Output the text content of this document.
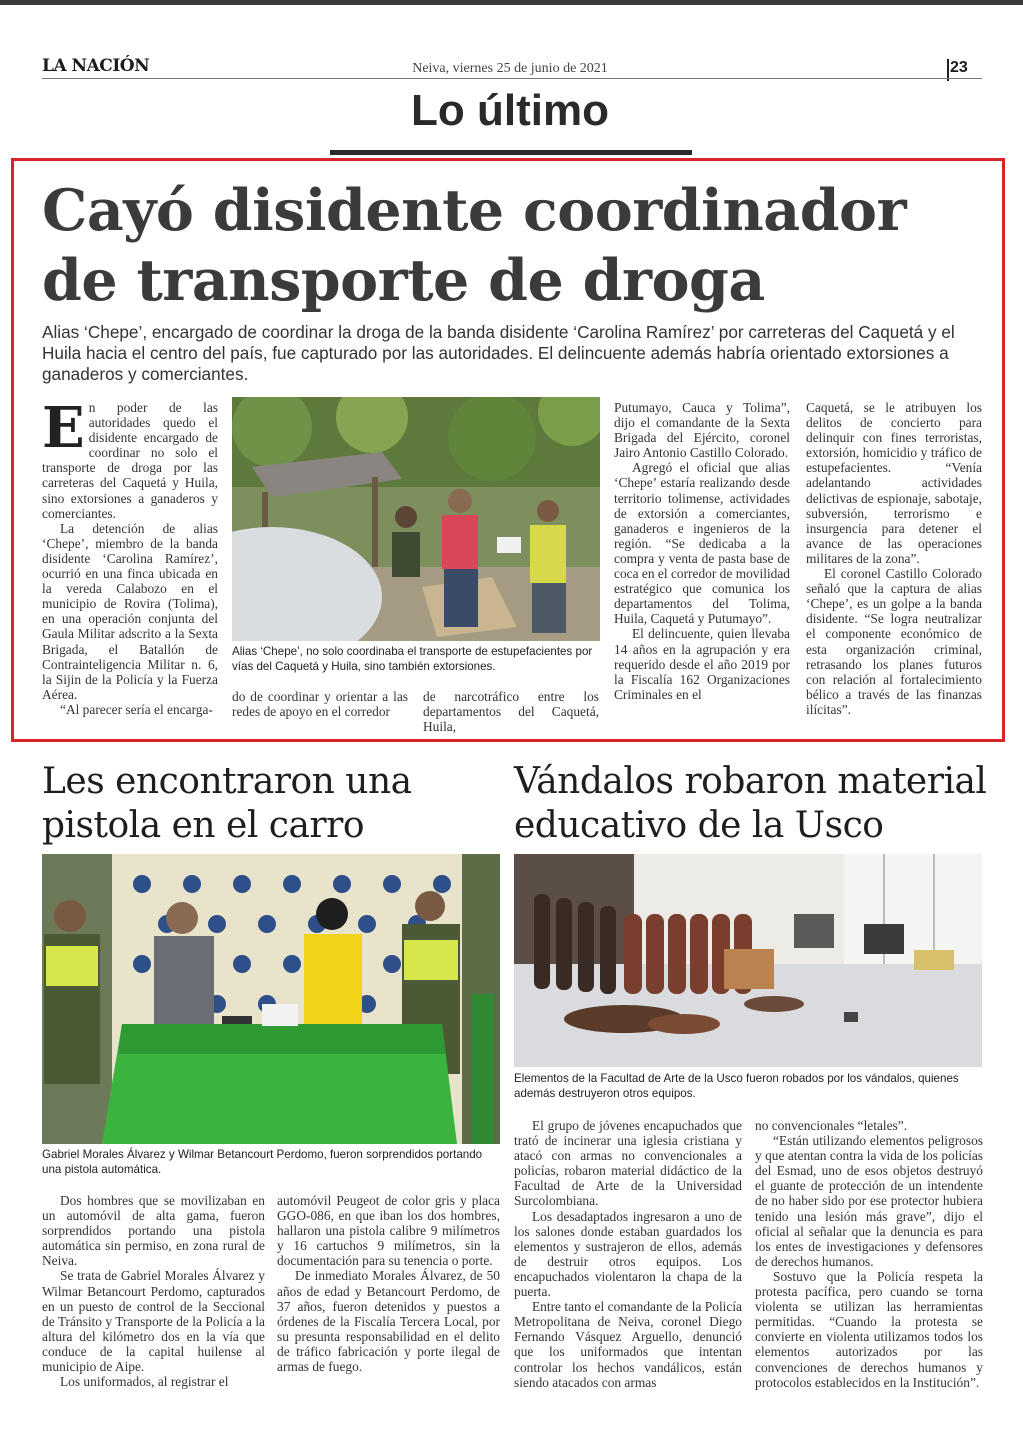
LA NACIÓN	Neiva, viernes 25 de junio de 2021	23
Lo último
Cayó disidente coordinador
de transporte de droga
Alias ‘Chepe’, encargado de coordinar la droga de la banda disidente ‘Carolina Ramírez’ por carreteras del Caquetá y el Huila hacia el centro del país, fue capturado por las autoridades. El delincuente además habría orientado extorsiones a ganaderos y comerciantes.
E n poder de las autoridades quedo el disidente encargado de coordinar no solo el transporte de droga por las carreteras del Caquetá y Huila, sino extorsiones a ganaderos y comerciantes.

La detención de alias ‘Chepe’, miembro de la banda disidente ‘Carolina Ramírez’, ocurrió en una finca ubicada en la vereda Calabozo en el municipio de Rovira (Tolima), en una operación conjunta del Gaula Militar adscrito a la Sexta Brigada, el Batallón de Contrainteligencia Militar n. 6, la Sijin de la Policía y la Fuerza Aérea.

“Al parecer sería el encarga-

Alias ‘Chepe’, no solo coordinaba el transporte de estupefacientes por vías del Caquetá y Huila, sino también extorsiones.

do de coordinar y orientar a las redes de apoyo en el corredor

de narcotráfico entre los departamentos del Caquetá, Huila,

Putumayo, Cauca y Tolima”, dijo el comandante de la Sexta Brigada del Ejército, coronel Jairo Antonio Castillo Colorado.

Agregó el oficial que alias ‘Chepe’ estaría realizando desde territorio tolimense, actividades de extorsión a comerciantes, ganaderos e ingenieros de la región. “Se dedicaba a la compra y venta de pasta base de coca en el corredor de movilidad estratégico que comunica los departamentos del Tolima, Huila, Caquetá y Putumayo”.

El delincuente, quien llevaba 14 años en la agrupación y era requerido desde el año 2019 por la Fiscalía 162 Organizaciones Criminales en el

Caquetá, se le atribuyen los delitos de concierto para delinquir con fines terroristas, extorsión, homicidio y tráfico de estupefacientes. “Venía adelantando actividades delictivas de espionaje, sabotaje, subversión, terrorismo e insurgencia para detener el avance de las operaciones militares de la zona”.

El coronel Castillo Colorado señaló que la captura de alias ‘Chepe’, es un golpe a la banda disidente. “Se logra neutralizar el componente económico de esta organización criminal, retrasando los planes futuros con relación al fortalecimiento bélico a través de las finanzas ilícitas”.

Les encontraron una
pistola en el carro
Gabriel Morales Álvarez y Wilmar Betancourt Perdomo, fueron sorprendidos portando una pistola automática.

Dos hombres que se movilizaban en un automóvil de alta gama, fueron sorprendidos portando una pistola automática sin permiso, en zona rural de Neiva.

Se trata de Gabriel Morales Álvarez y Wilmar Betancourt Perdomo, capturados en un puesto de control de la Seccional de Tránsito y Transporte de la Policía a la altura del kilómetro dos en la vía que conduce de la capital huilense al municipio de Aipe.

Los uniformados, al registrar el

automóvil Peugeot de color gris y placa GGO-086, en que iban los dos hombres, hallaron una pistola calibre 9 milímetros y 16 cartuchos 9 milímetros, sin la documentación para su tenencia o porte.

De inmediato Morales Álvarez, de 50 años de edad y Betancourt Perdomo, de 37 años, fueron detenidos y puestos a órdenes de la Fiscalía Tercera Local, por su presunta responsabilidad en el delito de tráfico fabricación y porte ilegal de armas de fuego.

Vándalos robaron material
educativo de la Usco
Elementos de la Facultad de Arte de la Usco fueron robados por los vándalos, quienes además destruyeron otros equipos.

El grupo de jóvenes encapuchados que trató de incinerar una iglesia cristiana y atacó con armas no convencionales a policías, robaron material didáctico de la Facultad de Arte de la Universidad Surcolombiana.

Los desadaptados ingresaron a uno de los salones donde estaban guardados los elementos y sustrajeron de ellos, además de destruir otros equipos. Los encapuchados violentaron la chapa de la puerta.

Entre tanto el comandante de la Policía Metropolitana de Neiva, coronel Diego Fernando Vásquez Arguello, denunció que los uniformados que intentan controlar los hechos vandálicos, están siendo atacados con armas

no convencionales “letales”.

“Están utilizando elementos peligrosos y que atentan contra la vida de los policías del Esmad, uno de esos objetos destruyó el guante de protección de un intendente de no haber sido por ese protector hubiera tenido una lesión más grave”, dijo el oficial al señalar que la denuncia es para los entes de investigaciones y defensores de derechos humanos.

Sostuvo que la Policía respeta la protesta pacífica, pero cuando se torna violenta se utilizan las herramientas permitidas. “Cuando la protesta se convierte en violenta utilizamos todos los elementos autorizados por las convenciones de derechos humanos y protocolos establecidos en la Institución”.
